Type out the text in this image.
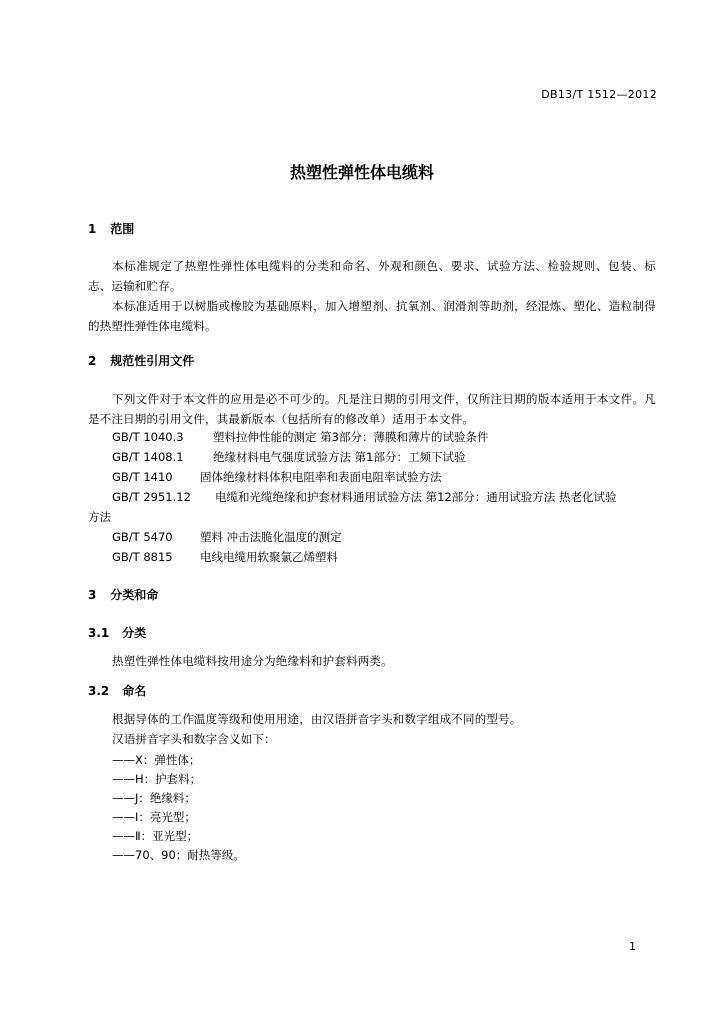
DB13/T 1512—2012
热塑性弹性体电缆料
1 范围
本标准规定了热塑性弹性体电缆料的分类和命名、外观和颜色、要求、试验方法、检验规则、包装、标志、运输和贮存。
本标准适用于以树脂或橡胶为基础原料，加入增塑剂、抗氧剂、润滑剂等助剂，经混炼、塑化、造粒制得的热塑性弹性体电缆料。
2 规范性引用文件
下列文件对于本文件的应用是必不可少的。凡是注日期的引用文件，仅所注日期的版本适用于本文件。凡是不注日期的引用文件，其最新版本（包括所有的修改单）适用于本文件。
GB/T 1040.3	塑料拉伸性能的测定 第3部分：薄膜和薄片的试验条件
GB/T 1408.1	绝缘材料电气强度试验方法 第1部分：工频下试验
GB/T 1410 固体绝缘材料体积电阻率和表面电阻率试验方法
GB/T 2951.12 电缆和光缆绝缘和护套材料通用试验方法 第12部分：通用试验方法 热老化试验
方法
GB/T 5470 塑料 冲击法脆化温度的测定
GB/T 8815 电线电缆用软聚氯乙烯塑料
3 分类和命
3.1 分类
热塑性弹性体电缆料按用途分为绝缘料和护套料两类。
3.2 命名
根据导体的工作温度等级和使用用途，由汉语拼音字头和数字组成不同的型号。
汉语拼音字头和数字含义如下：
——X：弹性体；
——H：护套料；
——J：绝缘料；
——Ⅰ：亮光型；
——Ⅱ：亚光型；
——70、90：耐热等级。
1
